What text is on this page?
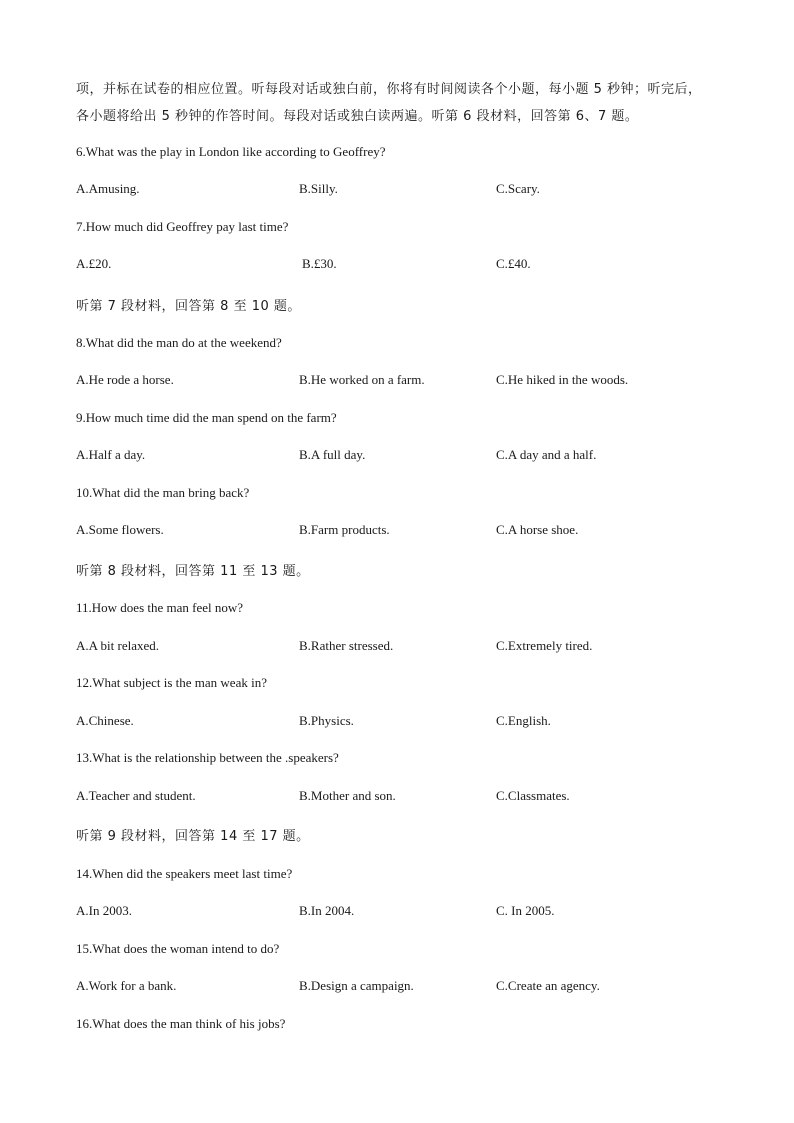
项，并标在试卷的相应位置。听每段对话或独白前，你将有时间阅读各个小题，每小题 5 秒钟；听完后，
各小题将给出 5 秒钟的作答时间。每段对话或独白读两遍。听第 6 段材料，回答第 6、7 题。
6.What was the play in London like according to Geoffrey?
A.Amusing.	B.Silly.	C.Scary.
7.How much did Geoffrey pay last time?
A.£20.	B.£30.	C.£40.
听第 7 段材料，回答第 8 至 10 题。
8.What did the man do at the weekend?
A.He rode a horse.	B.He worked on a farm.	C.He hiked in the woods.
9.How much time did the man spend on the farm?
A.Half a day.	B.A full day.	C.A day and a half.
10.What did the man bring back?
A.Some flowers.	B.Farm products.	C.A horse shoe.
听第 8 段材料，回答第 11 至 13 题。
11.How does the man feel now?
A.A bit relaxed.	B.Rather stressed.	C.Extremely tired.
12.What subject is the man weak in?
A.Chinese.	B.Physics.	C.English.
13.What is the relationship between the .speakers?
A.Teacher and student.	B.Mother and son.	C.Classmates.
听第 9 段材料，回答第 14 至 17 题。
14.When did the speakers meet last time?
A.In 2003.	B.In 2004.	C. In 2005.
15.What does the woman intend to do?
A.Work for a bank.	B.Design a campaign.	C.Create an agency.
16.What does the man think of his jobs?
